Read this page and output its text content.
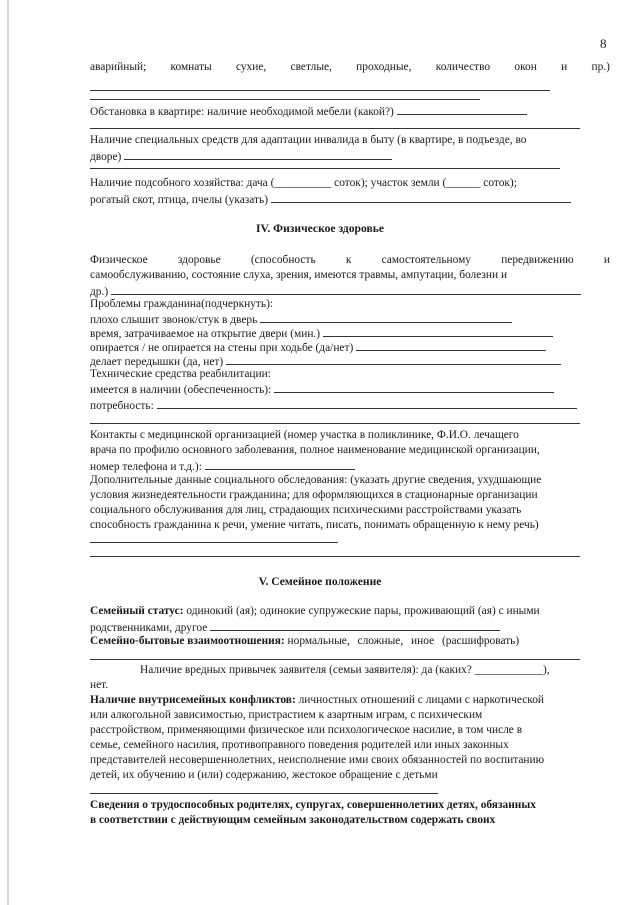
8
аварийный; комнаты сухие, светлые, проходные, количество окон и пр.)
Обстановка в квартире: наличие необходимой мебели (какой?)
Наличие специальных средств для адаптации инвалида в быту (в квартире, в подъезде, во
дворе)
Наличие подсобного хозяйства: дача (__________ соток); участок земли (______ соток);
рогатый скот, птица, пчелы (указать)
IV. Физическое здоровье
Физическое	здоровье	(способность	к	самостоятельному	передвижению	и
самообслуживанию, состояние слуха, зрения, имеются травмы, ампутации, болезни и
др.)
Проблемы гражданина(подчеркнуть):
плохо слышит звонок/стук в дверь
время, затрачиваемое на открытие двери (мин.)
опирается / не опирается на стены при ходьбе (да/нет)
делает передышки (да, нет)
Технические средства реабилитации:
имеется в наличии (обеспеченность):
потребность:
Контакты с медицинской организацией (номер участка в поликлинике, Ф.И.О. лечащего
врача по профилю основного заболевания, полное наименование медицинской организации,
номер телефона и т.д.):
Дополнительные данные социального обследования: (указать другие сведения, ухудшающие
условия жизнедеятельности гражданина; для оформляющихся в стационарные организации
социального обслуживания для лиц, страдающих психическими расстройствами указать
способность гражданина к речи, умение читать, писать, понимать обращенную к нему речь)
V. Семейное положение
Семейный статус: одинокий (ая); одинокие супружеские пары, проживающий (ая) с иными
родственниками, другое
Семейно-бытовые взаимоотношения: нормальные, сложные, иное (расшифровать)
Наличие вредных привычек заявителя (семьи заявителя): да (каких? ____________),
нет.
Наличие внутрисемейных конфликтов: личностных отношений с лицами с наркотической
или алкогольной зависимостью, пристрастием к азартным играм, с психическим
расстройством, применяющими физическое или психологическое насилие, в том числе в
семье, семейного насилия, противоправного поведения родителей или иных законных
представителей несовершеннолетних, неисполнение ими своих обязанностей по воспитанию
детей, их обучению и (или) содержанию, жестокое обращение с детьми
Сведения о трудоспособных родителях, супругах, совершеннолетних детях, обязанных
в соответствии с действующим семейным законодательством содержать своих
